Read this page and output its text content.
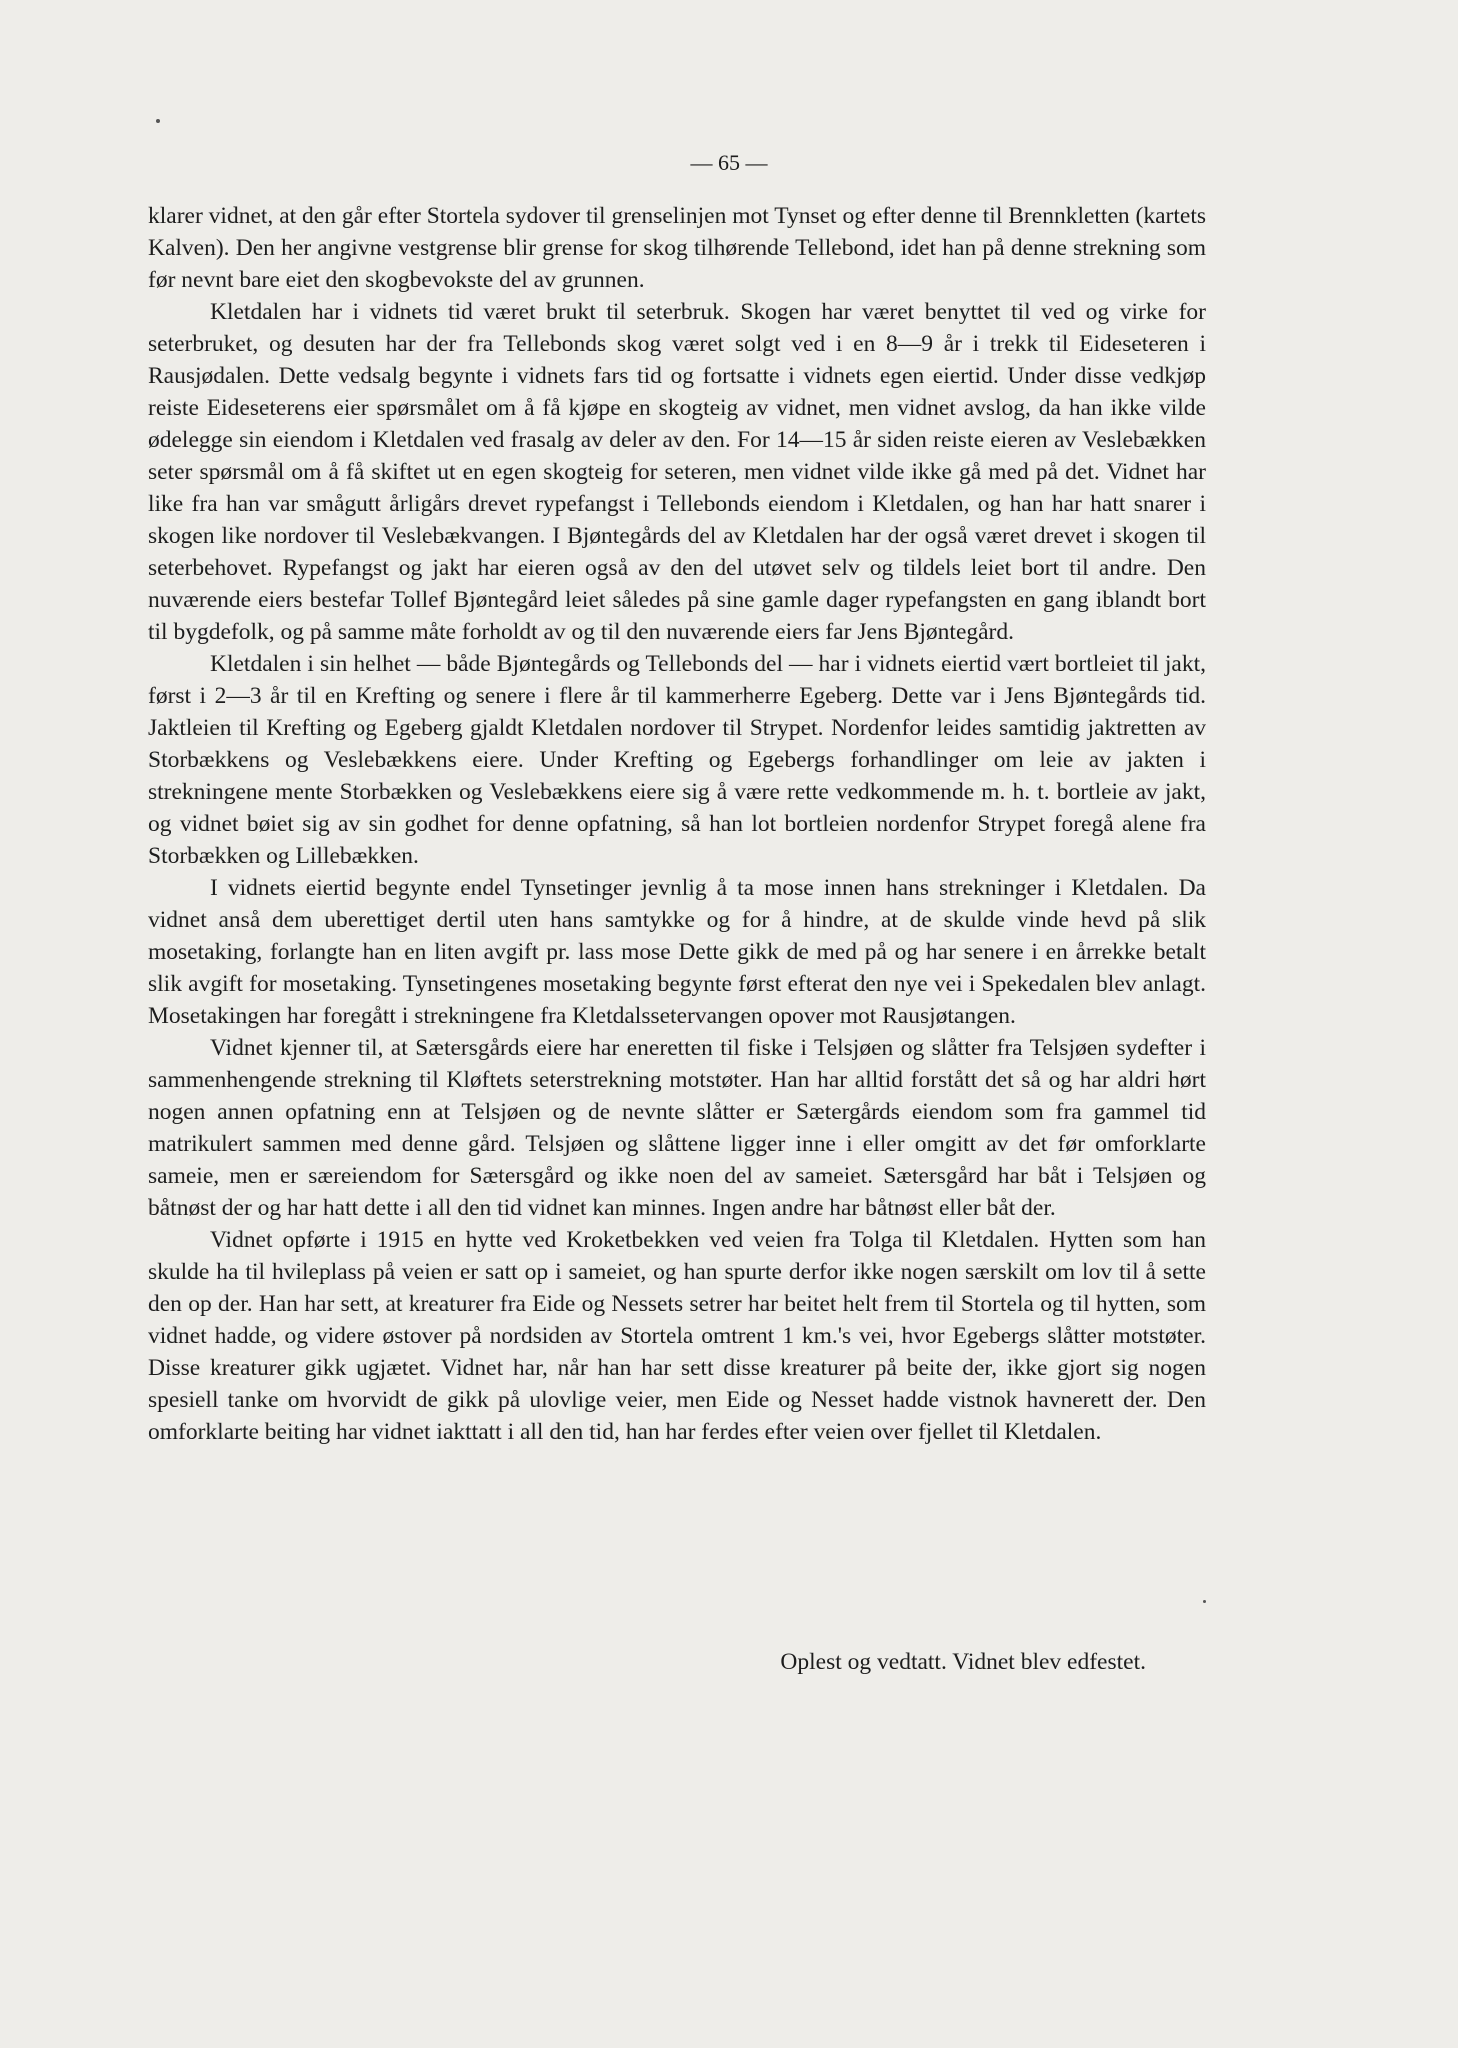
— 65 —

klarer vidnet, at den går efter Stortela sydover til grenselinjen mot Tynset og efter denne til Brennkletten (kartets Kalven). Den her angivne vestgrense blir grense for skog tilhørende Tellebond, idet han på denne strekning som før nevnt bare eiet den skogbevokste del av grunnen.

Kletdalen har i vidnets tid været brukt til seterbruk. Skogen har været benyttet til ved og virke for seterbruket, og desuten har der fra Tellebonds skog været solgt ved i en 8—9 år i trekk til Eideseteren i Rausjødalen. Dette vedsalg begynte i vidnets fars tid og fortsatte i vidnets egen eiertid. Under disse vedkjøp reiste Eideseterens eier spørsmålet om å få kjøpe en skogteig av vidnet, men vidnet avslog, da han ikke vilde ødelegge sin eiendom i Kletdalen ved frasalg av deler av den. For 14—15 år siden reiste eieren av Veslebækken seter spørsmål om å få skiftet ut en egen skogteig for seteren, men vidnet vilde ikke gå med på det. Vidnet har like fra han var smågutt årligårs drevet rypefangst i Tellebonds eiendom i Kletdalen, og han har hatt snarer i skogen like nordover til Veslebækvangen. I Bjøntegårds del av Kletdalen har der også været drevet i skogen til seterbehovet. Rypefangst og jakt har eieren også av den del utøvet selv og tildels leiet bort til andre. Den nuværende eiers bestefar Tollef Bjøntegård leiet således på sine gamle dager rypefangsten en gang iblandt bort til bygdefolk, og på samme måte forholdt av og til den nuværende eiers far Jens Bjøntegård.

Kletdalen i sin helhet — både Bjøntegårds og Tellebonds del — har i vidnets eiertid vært bortleiet til jakt, først i 2—3 år til en Krefting og senere i flere år til kammerherre Egeberg. Dette var i Jens Bjøntegårds tid. Jaktleien til Krefting og Egeberg gjaldt Kletdalen nordover til Strypet. Nordenfor leides samtidig jaktretten av Storbækkens og Veslebækkens eiere. Under Krefting og Egebergs forhandlinger om leie av jakten i strekningene mente Storbækken og Veslebækkens eiere sig å være rette vedkommende m. h. t. bortleie av jakt, og vidnet bøiet sig av sin godhet for denne opfatning, så han lot bortleien nordenfor Strypet foregå alene fra Storbækken og Lillebækken.

I vidnets eiertid begynte endel Tynsetinger jevnlig å ta mose innen hans strekninger i Kletdalen. Da vidnet anså dem uberettiget dertil uten hans samtykke og for å hindre, at de skulde vinde hevd på slik mosetaking, forlangte han en liten avgift pr. lass mose Dette gikk de med på og har senere i en årrekke betalt slik avgift for mosetaking. Tynsetingenes mosetaking begynte først efterat den nye vei i Spekedalen blev anlagt. Mosetakingen har foregått i strekningene fra Kletdalssetervangen opover mot Rausjøtangen.

Vidnet kjenner til, at Sætersgårds eiere har eneretten til fiske i Telsjøen og slåtter fra Telsjøen sydefter i sammenhengende strekning til Kløftets seterstrekning motstøter. Han har alltid forstått det så og har aldri hørt nogen annen opfatning enn at Telsjøen og de nevnte slåtter er Sætergårds eiendom som fra gammel tid matrikulert sammen med denne gård. Telsjøen og slåttene ligger inne i eller omgitt av det før omforklarte sameie, men er særeiendom for Sætersgård og ikke noen del av sameiet. Sætersgård har båt i Telsjøen og båtnøst der og har hatt dette i all den tid vidnet kan minnes. Ingen andre har båtnøst eller båt der.

Vidnet opførte i 1915 en hytte ved Kroketbekken ved veien fra Tolga til Kletdalen. Hytten som han skulde ha til hvileplass på veien er satt op i sameiet, og han spurte derfor ikke nogen særskilt om lov til å sette den op der. Han har sett, at kreaturer fra Eide og Nessets setrer har beitet helt frem til Stortela og til hytten, som vidnet hadde, og videre østover på nordsiden av Stortela omtrent 1 km.'s vei, hvor Egebergs slåtter motstøter. Disse kreaturer gikk ugjætet. Vidnet har, når han har sett disse kreaturer på beite der, ikke gjort sig nogen spesiell tanke om hvorvidt de gikk på ulovlige veier, men Eide og Nesset hadde vistnok havnerett der. Den omforklarte beiting har vidnet iakttatt i all den tid, han har ferdes efter veien over fjellet til Kletdalen.

Oplest og vedtatt. Vidnet blev edfestet.
